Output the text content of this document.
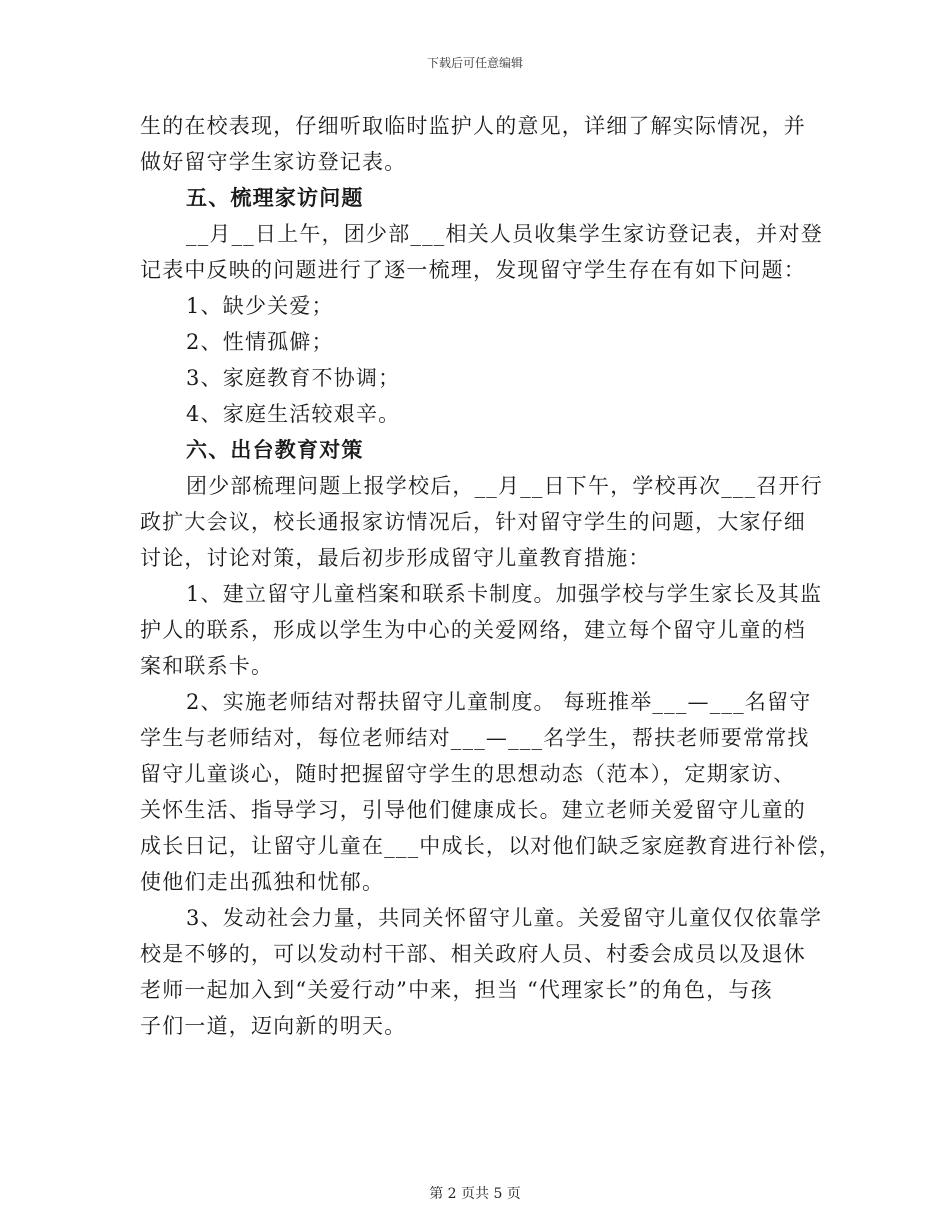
下载后可任意编辑
生的在校表现，仔细听取临时监护人的意见，详细了解实际情况，并
做好留守学生家访登记表。
五、梳理家访问题
__月__日上午，团少部___相关人员收集学生家访登记表，并对登
记表中反映的问题进行了逐一梳理，发现留守学生存在有如下问题：
1、缺少关爱；
2、性情孤僻；
3、家庭教育不协调；
4、家庭生活较艰辛。
六、出台教育对策
团少部梳理问题上报学校后，__月__日下午，学校再次___召开行
政扩大会议，校长通报家访情况后，针对留守学生的问题，大家仔细
讨论，讨论对策，最后初步形成留守儿童教育措施：
1、建立留守儿童档案和联系卡制度。加强学校与学生家长及其监
护人的联系，形成以学生为中心的关爱网络，建立每个留守儿童的档
案和联系卡。
2、实施老师结对帮扶留守儿童制度。 每班推举___—___名留守
学生与老师结对，每位老师结对___—___名学生，帮扶老师要常常找
留守儿童谈心，随时把握留守学生的思想动态（范本），定期家访、
关怀生活、指导学习，引导他们健康成长。建立老师关爱留守儿童的
成长日记，让留守儿童在___中成长，以对他们缺乏家庭教育进行补偿，
使他们走出孤独和忧郁。
3、发动社会力量，共同关怀留守儿童。关爱留守儿童仅仅依靠学
校是不够的，可以发动村干部、相关政府人员、村委会成员以及退休
老师一起加入到“关爱行动”中来，担当 “代理家长”的角色，与孩
子们一道，迈向新的明天。
第 2 页共 5 页
